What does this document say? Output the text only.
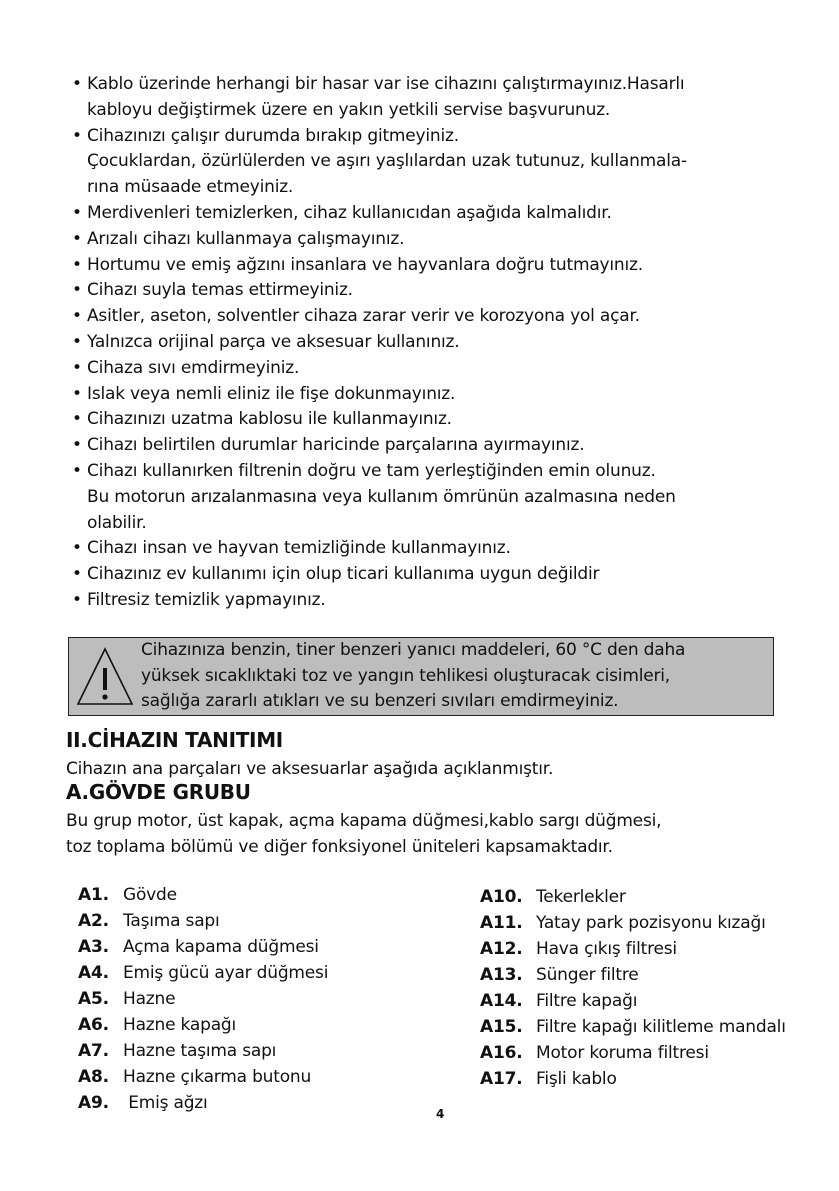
• Kablo üzerinde herhangi bir hasar var ise cihazını çalıştırmayınız.Hasarlı
kabloyu değiştirmek üzere en yakın yetkili servise başvurunuz.
• Cihazınızı çalışır durumda bırakıp gitmeyiniz.
Çocuklardan, özürlülerden ve aşırı yaşlılardan uzak tutunuz, kullanmala-
rına müsaade etmeyiniz.
• Merdivenleri temizlerken, cihaz kullanıcıdan aşağıda kalmalıdır.
• Arızalı cihazı kullanmaya çalışmayınız.
• Hortumu ve emiş ağzını insanlara ve hayvanlara doğru tutmayınız.
• Cihazı suyla temas ettirmeyiniz.
• Asitler, aseton, solventler cihaza zarar verir ve korozyona yol açar.
• Yalnızca orijinal parça ve aksesuar kullanınız.
• Cihaza sıvı emdirmeyiniz.
• Islak veya nemli eliniz ile fişe dokunmayınız.
• Cihazınızı uzatma kablosu ile kullanmayınız.
• Cihazı belirtilen durumlar haricinde parçalarına ayırmayınız.
• Cihazı kullanırken filtrenin doğru ve tam yerleştiğinden emin olunuz.
Bu motorun arızalanmasına veya kullanım ömrünün azalmasına neden
olabilir.
• Cihazı insan ve hayvan temizliğinde kullanmayınız.
• Cihazınız ev kullanımı için olup ticari kullanıma uygun değildir
• Filtresiz temizlik yapmayınız.
Cihazınıza benzin, tiner benzeri yanıcı maddeleri, 60 °C den daha
yüksek sıcaklıktaki toz ve yangın tehlikesi oluşturacak cisimleri,
sağlığa zararlı atıkları ve su benzeri sıvıları emdirmeyiniz.
II.CİHAZIN TANITIMI
Cihazın ana parçaları ve aksesuarlar aşağıda açıklanmıştır.
A.GÖVDE GRUBU
Bu grup motor, üst kapak, açma kapama düğmesi,kablo sargı düğmesi,
toz toplama bölümü ve diğer fonksiyonel üniteleri kapsamaktadır.
A1. Gövde
A2. Taşıma sapı
A3. Açma kapama düğmesi
A4. Emiş gücü ayar düğmesi
A5. Hazne
A6. Hazne kapağı
A7. Hazne taşıma sapı
A8. Hazne çıkarma butonu
A9. Emiş ağzı
A10. Tekerlekler
A11. Yatay park pozisyonu kızağı
A12. Hava çıkış filtresi
A13. Sünger filtre
A14. Filtre kapağı
A15. Filtre kapağı kilitleme mandalı
A16. Motor koruma filtresi
A17. Fişli kablo
4
